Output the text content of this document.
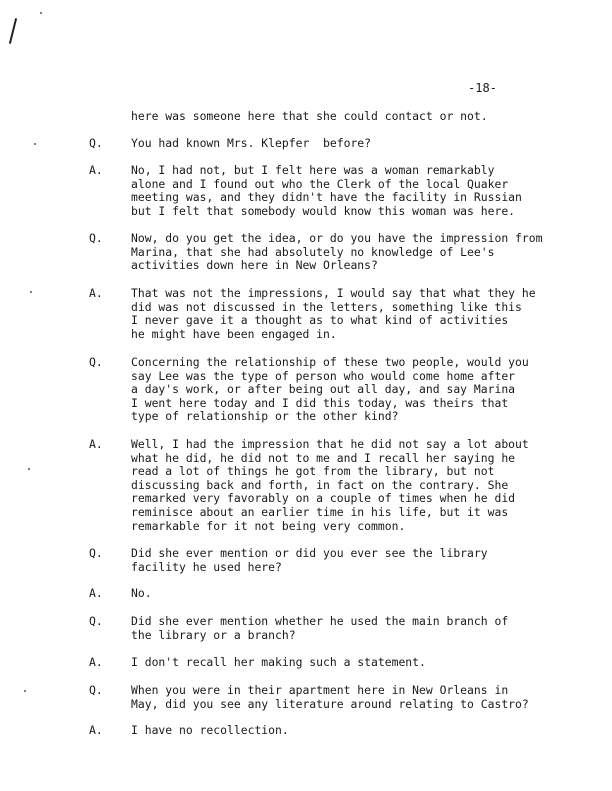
-18-
here was someone here that she could contact or not.
Q. You had known Mrs. Klepfer  before?
A. No, I had not, but I felt here was a woman remarkably
alone and I found out who the Clerk of the local Quaker
meeting was, and they didn't have the facility in Russian
but I felt that somebody would know this woman was here.
Q. Now, do you get the idea, or do you have the impression from
Marina, that she had absolutely no knowledge of Lee's
activities down here in New Orleans?
A. That was not the impressions, I would say that what they he
did was not discussed in the letters, something like this
I never gave it a thought as to what kind of activities
he might have been engaged in.
Q. Concerning the relationship of these two people, would you
say Lee was the type of person who would come home after
a day's work, or after being out all day, and say Marina
I went here today and I did this today, was theirs that
type of relationship or the other kind?
A. Well, I had the impression that he did not say a lot about
what he did, he did not to me and I recall her saying he
read a lot of things he got from the library, but not
discussing back and forth, in fact on the contrary. She
remarked very favorably on a couple of times when he did
reminisce about an earlier time in his life, but it was
remarkable for it not being very common.
Q. Did she ever mention or did you ever see the library
facility he used here?
A. No.
Q. Did she ever mention whether he used the main branch of
the library or a branch?
A. I don't recall her making such a statement.
Q. When you were in their apartment here in New Orleans in
May, did you see any literature around relating to Castro?
A. I have no recollection.
